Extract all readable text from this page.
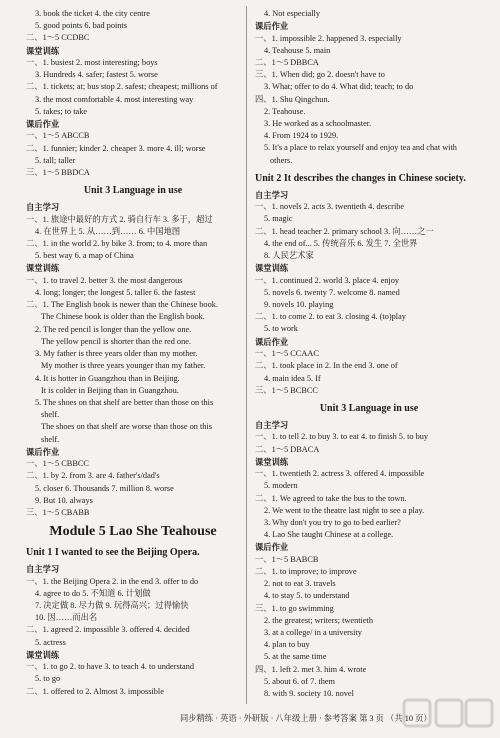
3. book the ticket 4. the city centre
5. good points 6. bad points
二、1～5 CCDBC
课堂训练
一、1. busiest 2. most interesting; boys
3. Hundreds 4. safer; fastest 5. worse
二、1. tickets; at; bus stop 2. safest; cheapest; millions of
3. the most comfortable 4. most interesting way
5. takes; to take
课后作业
一、1～5 ABCCB
二、1. funnier; kinder 2. cheaper 3. more 4. ill; worse
5. tall; taller
三、1～5 BBDCA
Unit 3 Language in use
自主学习
一、1. 旅途中最好的方式 2. 骑自行车 3. 多于，超过
4. 在世界上 5. 从……到…… 6. 中国地图
二、1. in the world 2. by bike 3. from; to 4. more than
5. best way 6. a map of China
课堂训练
一、1. to travel 2. better 3. the most dangerous
4. long; longer; the longest 5. taller 6. the fastest
二、1. The English book is newer than the Chinese book.
The Chinese book is older than the English book.
2. The red pencil is longer than the yellow one.
The yellow pencil is shorter than the red one.
3. My father is three years older than my mother.
My mother is three years younger than my father.
4. It is hotter in Guangzhou than in Beijing.
It is colder in Beijing than in Guangzhou.
5. The shoes on that shelf are better than those on this
shelf.
The shoes on that shelf are worse than those on this
shelf.
课后作业
一、1～5 CBBCC
二、1. by 2. from 3. are 4. father's/dad's
5. closer 6. Thousands 7. million 8. worse
9. But 10. always
三、1～5 CBABB
Module 5 Lao She Teahouse
Unit 1 I wanted to see the Beijing Opera.
自主学习
一、1. the Beijing Opera 2. in the end 3. offer to do
4. agree to do 5. 不知道 6. 计划做
7. 决定做 8. 尽力做 9. 玩得高兴；过得愉快
10. 因……而出名
二、1. agreed 2. impossible 3. offered 4. decided
5. actress
课堂训练
一、1. to go 2. to have 3. to teach 4. to understand
5. to go
二、1. offered to 2. Almost 3. impossible
4. Not especially
课后作业
一、1. impossible 2. happened 3. especially
4. Teahouse 5. main
二、1～5 DBBCA
三、1. When did; go 2. doesn't have to
3. What; offer to do 4. What did; teach; to do
四、1. Shu Qingchun.
2. Teahouse.
3. He worked as a schoolmaster.
4. From 1924 to 1929.
5. It's a place to relax yourself and enjoy tea and chat with
others.
Unit 2 It describes the changes in Chinese society.
自主学习
一、1. novels 2. acts 3. twentieth 4. describe
5. magic
二、1. head teacher 2. primary school 3. 向……之一
4. the end of... 5. 传统音乐 6. 发生 7. 全世界
8. 人民艺术家
课堂训练
一、1. continued 2. world 3. place 4. enjoy
5. novels 6. twenty 7. welcome 8. named
9. novels 10. playing
二、1. to come 2. to eat 3. closing 4. (to)play
5. to work
课后作业
一、1～5 CCAAC
二、1. took place in 2. In the end 3. one of
4. main idea 5. If
三、1～5 BCBCC
Unit 3 Language in use
自主学习
一、1. to tell 2. to buy 3. to eat 4. to finish 5. to buy
二、1～5 DBACA
课堂训练
一、1. twentieth 2. actress 3. offered 4. impossible
5. modern
二、1. We agreed to take the bus to the town.
2. We went to the theatre last night to see a play.
3. Why don't you try to go to bed earlier?
4. Lao She taught Chinese at a college.
课后作业
一、1～5 BABCB
二、1. to improve; to improve
2. not to eat 3. travels
4. to stay 5. to understand
三、1. to go swimming
2. the greatest; writers; twentieth
3. at a college/ in a university
4. plan to buy
5. at the same time
四、1. left 2. met 3. him 4. wrote
5. about 6. of 7. them
8. with 9. society 10. novel
同步精练 · 英语 · 外研版 · 八年级上册 · 参考答案 第 3 页 （共 10 页）
